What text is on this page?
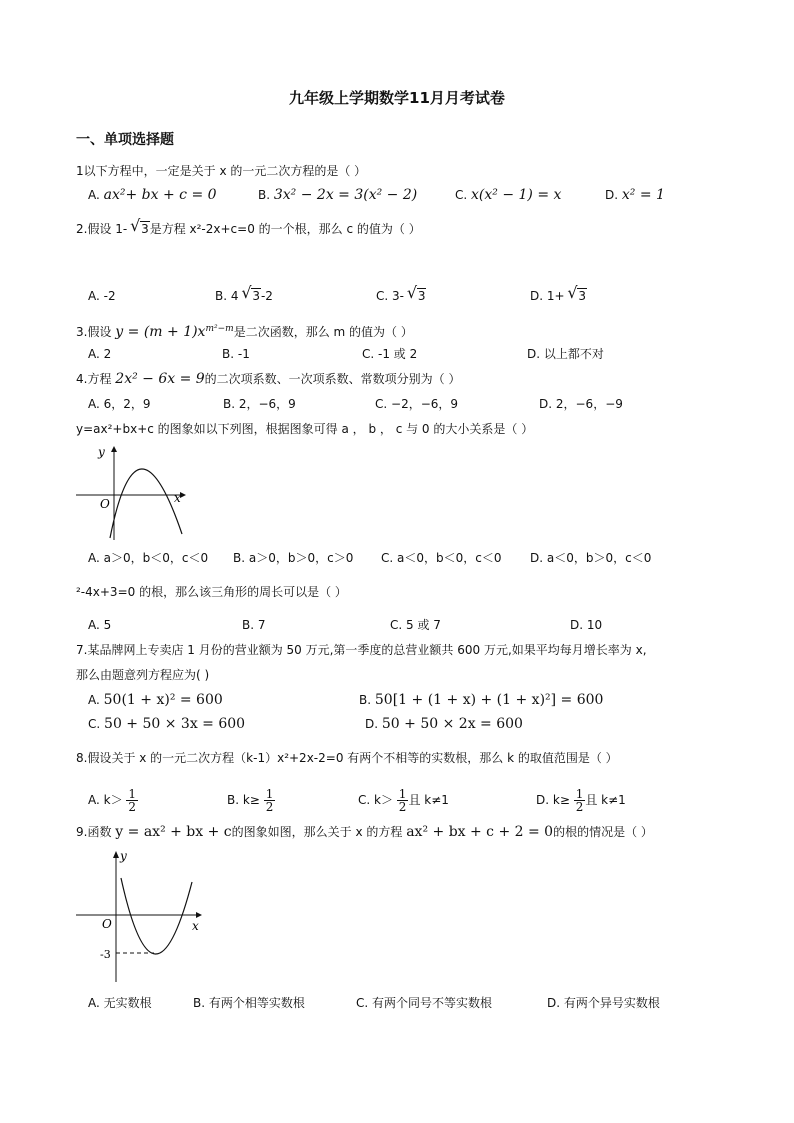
九年级上学期数学11月月考试卷
一、单项选择题
1以下方程中，一定是关于 x 的一元二次方程的是（ ）
A. ax²+ bx + c = 0	B. 3x² − 2x = 3(x² − 2)	C. x(x² − 1) = x	D. x² = 1
2.假设 1- √ 3是方程 x²-2x+c=0 的一个根，那么 c 的值为（ ）
A. -2	B. 4 √ 3-2	C. 3- √ 3	D. 1+ √ 3
3.假设 $y = (m + 1)x^{m^2-m}$是二次函数，那么 m 的值为（ ）
A. 2	B. -1	C. -1 或 2	D. 以上都不对
4.方程 2x² − 6x = 9的二次项系数、一次项系数、常数项分别为（ ）
A. 6，2，9	B. 2，−6，9	C. −2，−6，9	D. 2，−6，−9
y=ax²+bx+c 的图象如以下列图，根据图象可得 a ， b ， c 与 0 的大小关系是（ ）
y
x
O
A. a＞0，b＜0，c＜0 B. a＞0，b＞0，c＞0 C. a＜0，b＜0，c＜0 D. a＜0，b＞0，c＜0
²-4x+3=0 的根，那么该三角形的周长可以是（ ）
A. 5	B. 7	C. 5 或 7	D. 10
7.某品牌网上专卖店 1 月份的营业额为 50 万元,第一季度的总营业额共 600 万元,如果平均每月增长率为 x,
那么由题意列方程应为( )
A. 50(1 + x)² = 600	B. 50[1 + (1 + x) + (1 + x)²] = 600
C. 50 + 50 × 3x = 600	D. 50 + 50 × 2x = 600
8.假设关于 x 的一元二次方程（k-1）x²+2x-2=0 有两个不相等的实数根，那么 k 的取值范围是（ ）
A. $k> \frac{1}{2}$	B. $k\ge \frac{1}{2}$	C. $k> \frac{1}{2}$ 且 k≠1	D. $k\ge \frac{1}{2}$ 且 k≠1
9.函数 y = ax² + bx + c的图象如图，那么关于 x 的方程 ax² + bx + c + 2 = 0的根的情况是（ ）
y
x
O
-3
A. 无实数根	B. 有两个相等实数根	C. 有两个同号不等实数根	D. 有两个异号实数根
